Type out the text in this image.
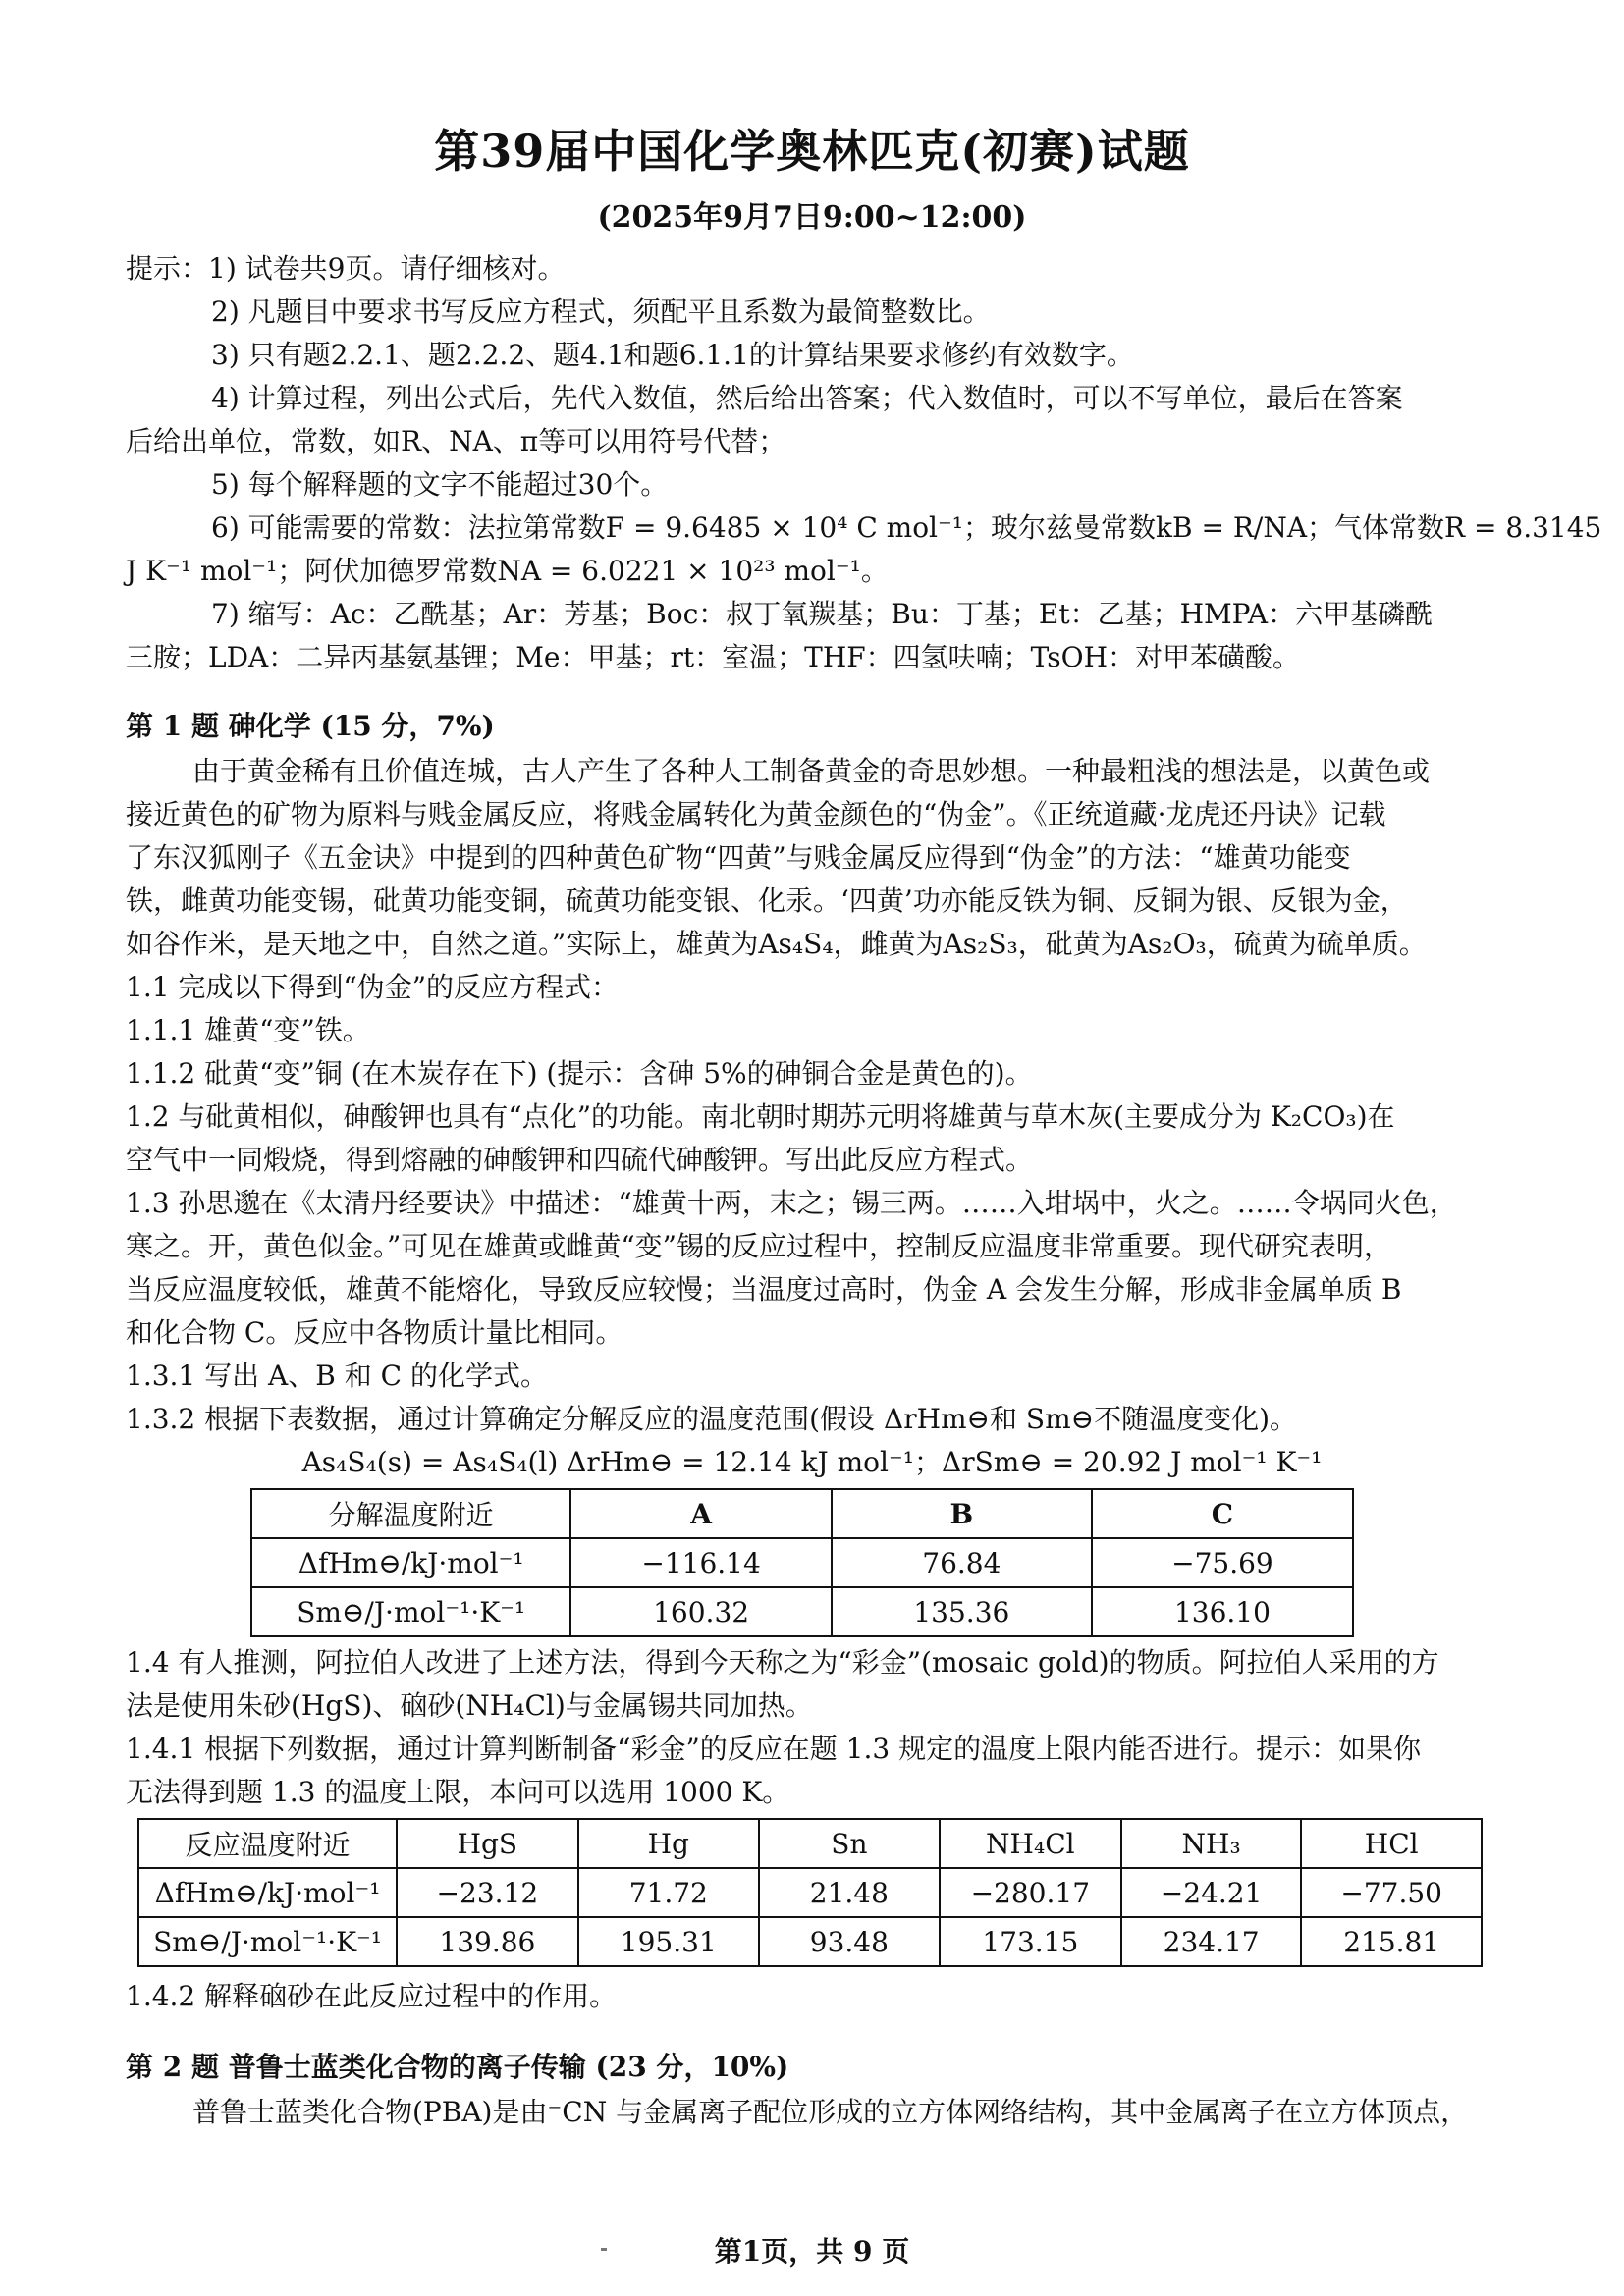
第39届中国化学奥林匹克(初赛)试题
(2025年9月7日9:00~12:00)
提示：1) 试卷共9页。请仔细核对。
2) 凡题目中要求书写反应方程式，须配平且系数为最简整数比。
3) 只有题2.2.1、题2.2.2、题4.1和题6.1.1的计算结果要求修约有效数字。
4) 计算过程，列出公式后，先代入数值，然后给出答案；代入数值时，可以不写单位，最后在答案
后给出单位，常数，如R、NA、π等可以用符号代替；
5) 每个解释题的文字不能超过30个。
6) 可能需要的常数：法拉第常数F = 9.6485 × 10⁴ C mol⁻¹；玻尔兹曼常数kB = R/NA；气体常数R = 8.3145
J K⁻¹ mol⁻¹；阿伏加德罗常数NA = 6.0221 × 10²³ mol⁻¹。
7) 缩写：Ac：乙酰基；Ar：芳基；Boc：叔丁氧羰基；Bu：丁基；Et：乙基；HMPA：六甲基磷酰
三胺；LDA：二异丙基氨基锂；Me：甲基；rt：室温；THF：四氢呋喃；TsOH：对甲苯磺酸。
第 1 题 砷化学 (15 分，7%)
由于黄金稀有且价值连城，古人产生了各种人工制备黄金的奇思妙想。一种最粗浅的想法是，以黄色或
接近黄色的矿物为原料与贱金属反应，将贱金属转化为黄金颜色的“伪金”。《正统道藏·龙虎还丹诀》记载
了东汉狐刚子《五金诀》中提到的四种黄色矿物“四黄”与贱金属反应得到“伪金”的方法：“雄黄功能变
铁，雌黄功能变锡，砒黄功能变铜，硫黄功能变银、化汞。‘四黄’功亦能反铁为铜、反铜为银、反银为金，
如谷作米，是天地之中，自然之道。”实际上，雄黄为As₄S₄，雌黄为As₂S₃，砒黄为As₂O₃，硫黄为硫单质。
1.1 完成以下得到“伪金”的反应方程式：
1.1.1 雄黄“变”铁。
1.1.2 砒黄“变”铜 (在木炭存在下) (提示：含砷 5%的砷铜合金是黄色的)。
1.2 与砒黄相似，砷酸钾也具有“点化”的功能。南北朝时期苏元明将雄黄与草木灰(主要成分为 K₂CO₃)在
空气中一同煅烧，得到熔融的砷酸钾和四硫代砷酸钾。写出此反应方程式。
1.3 孙思邈在《太清丹经要诀》中描述：“雄黄十两，末之；锡三两。……入坩埚中，火之。……令埚同火色，
寒之。开，黄色似金。”可见在雄黄或雌黄“变”锡的反应过程中，控制反应温度非常重要。现代研究表明，
当反应温度较低，雄黄不能熔化，导致反应较慢；当温度过高时，伪金 A 会发生分解，形成非金属单质 B
和化合物 C。反应中各物质计量比相同。
1.3.1 写出 A、B 和 C 的化学式。
1.3.2 根据下表数据，通过计算确定分解反应的温度范围(假设 ΔrHm⊖和 Sm⊖不随温度变化)。
As₄S₄(s) = As₄S₄(l) ΔrHm⊖ = 12.14 kJ mol⁻¹；ΔrSm⊖ = 20.92 J mol⁻¹ K⁻¹
分解温度附近	A	B	C
ΔfHm⊖/kJ·mol⁻¹	−116.14	76.84	−75.69
Sm⊖/J·mol⁻¹·K⁻¹	160.32	135.36	136.10
1.4 有人推测，阿拉伯人改进了上述方法，得到今天称之为“彩金”(mosaic gold)的物质。阿拉伯人采用的方
法是使用朱砂(HgS)、硇砂(NH₄Cl)与金属锡共同加热。
1.4.1 根据下列数据，通过计算判断制备“彩金”的反应在题 1.3 规定的温度上限内能否进行。提示：如果你
无法得到题 1.3 的温度上限，本问可以选用 1000 K。
反应温度附近	HgS	Hg	Sn	NH₄Cl	NH₃	HCl
ΔfHm⊖/kJ·mol⁻¹	−23.12	71.72	21.48	−280.17	−24.21	−77.50
Sm⊖/J·mol⁻¹·K⁻¹	139.86	195.31	93.48	173.15	234.17	215.81
1.4.2 解释硇砂在此反应过程中的作用。
第 2 题 普鲁士蓝类化合物的离子传输 (23 分，10%)
普鲁士蓝类化合物(PBA)是由⁻CN 与金属离子配位形成的立方体网络结构，其中金属离子在立方体顶点，
第1页，共 9 页
